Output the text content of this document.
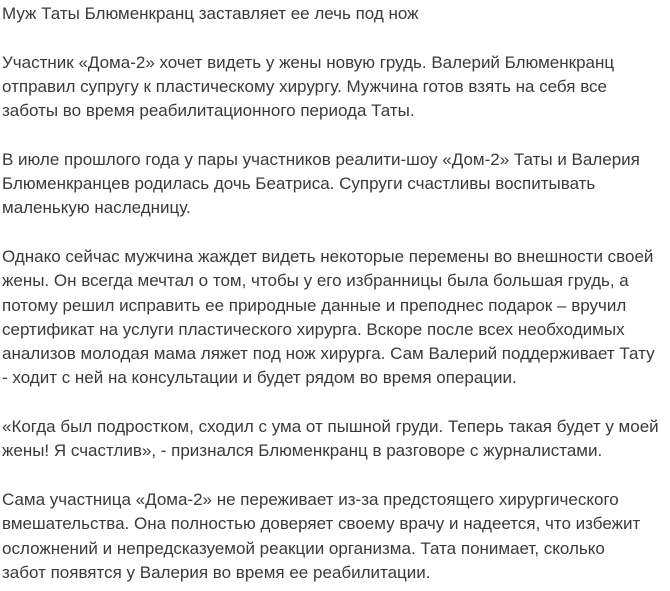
Муж Таты Блюменкранц заставляет ее лечь под нож

Участник «Дома-2» хочет видеть у жены новую грудь. Валерий Блюменкранц
отправил супругу к пластическому хирургу. Мужчина готов взять на себя все
заботы во время реабилитационного периода Таты.

В июле прошлого года у пары участников реалити-шоу «Дом-2» Таты и Валерия
Блюменкранцев родилась дочь Беатриса. Супруги счастливы воспитывать
маленькую наследницу.

Однако сейчас мужчина жаждет видеть некоторые перемены во внешности своей
жены. Он всегда мечтал о том, чтобы у его избранницы была большая грудь, а
потому решил исправить ее природные данные и преподнес подарок – вручил
сертификат на услуги пластического хирурга. Вскоре после всех необходимых
анализов молодая мама ляжет под нож хирурга. Сам Валерий поддерживает Тату
- ходит с ней на консультации и будет рядом во время операции.

«Когда был подростком, сходил с ума от пышной груди. Теперь такая будет у моей
жены! Я счастлив», - признался Блюменкранц в разговоре с журналистами.

Сама участница «Дома-2» не переживает из-за предстоящего хирургического
вмешательства. Она полностью доверяет своему врачу и надеется, что избежит
осложнений и непредсказуемой реакции организма. Тата понимает, сколько
забот появятся у Валерия во время ее реабилитации.
